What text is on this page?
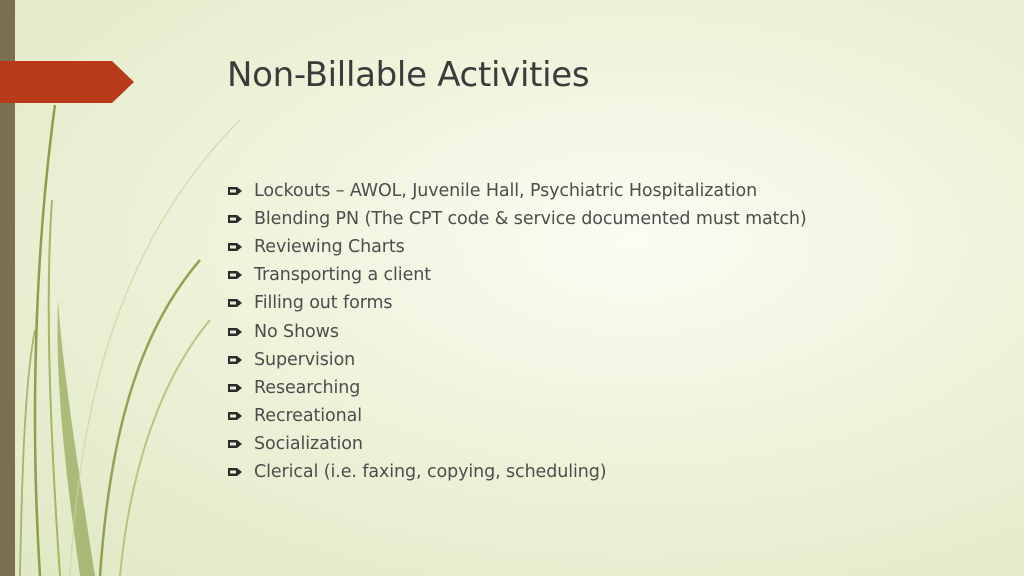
Non-Billable Activities
Lockouts – AWOL, Juvenile Hall, Psychiatric Hospitalization
Blending PN (The CPT code & service documented must match)
Reviewing Charts
Transporting a client
Filling out forms
No Shows
Supervision
Researching
Recreational
Socialization
Clerical (i.e. faxing, copying, scheduling)
